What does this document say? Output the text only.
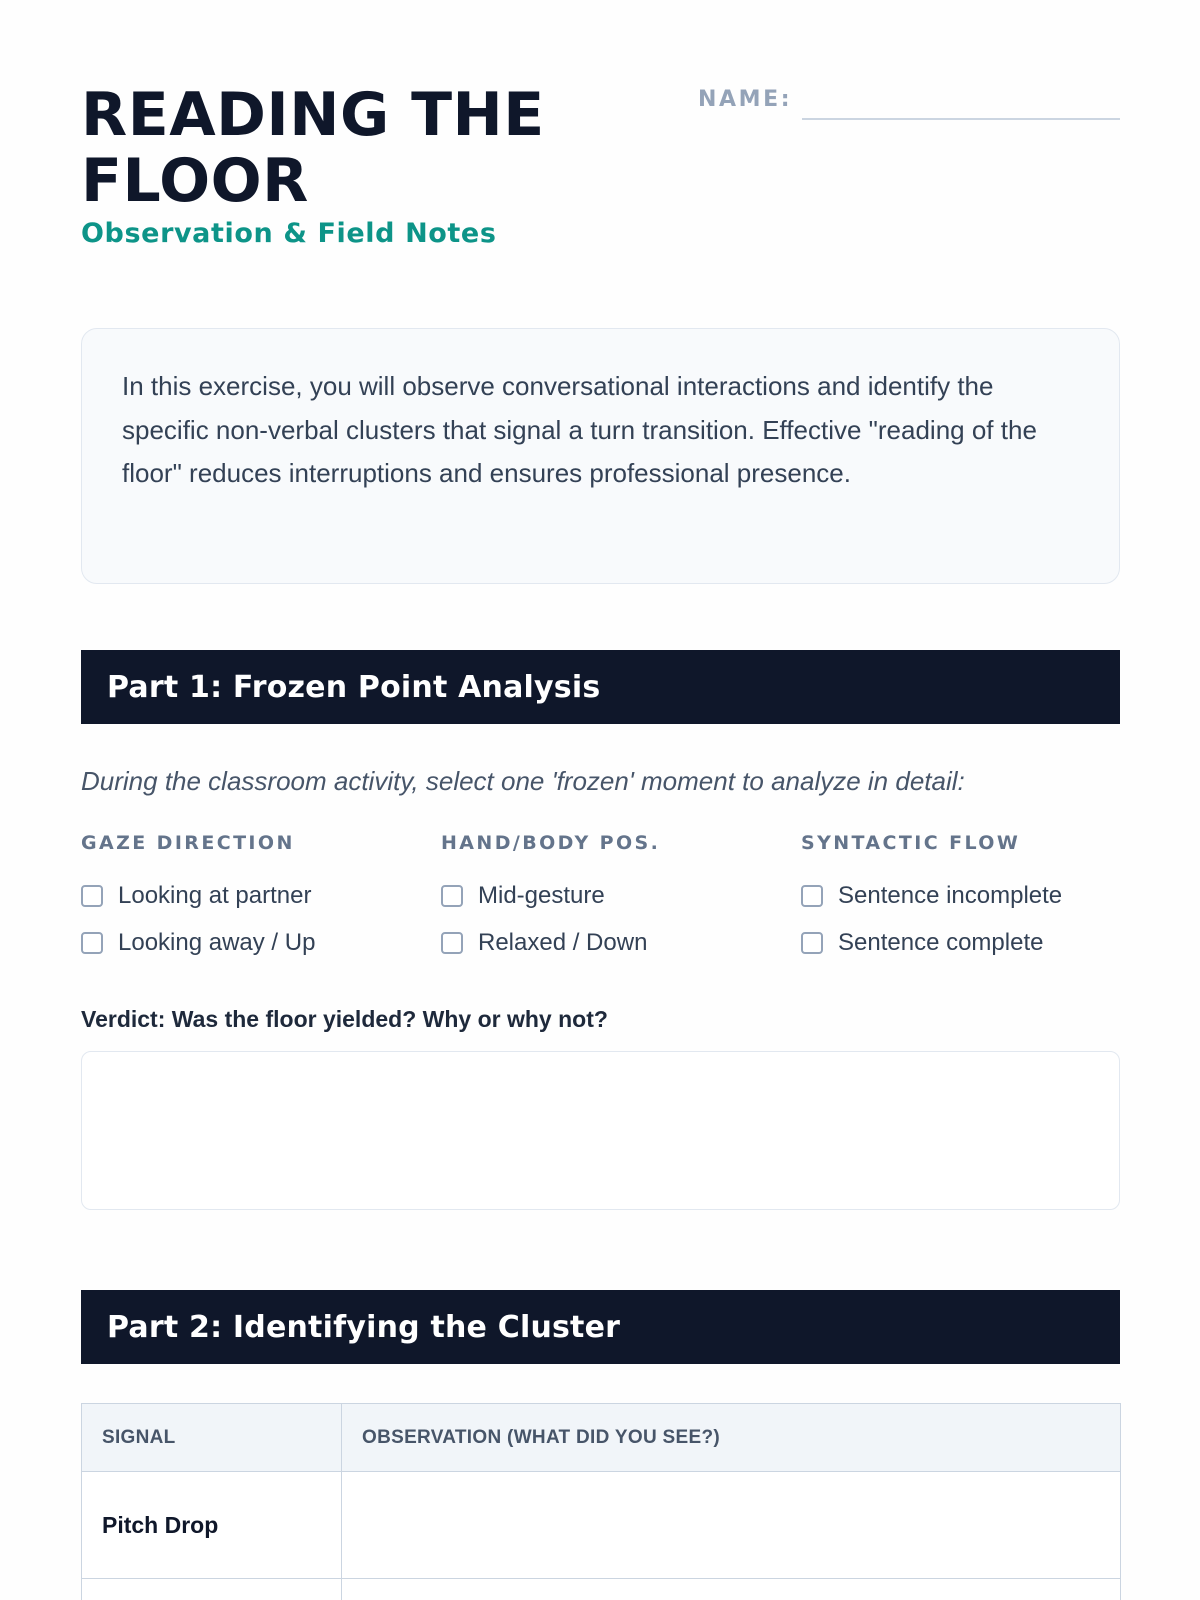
READING THE FLOOR

Observation & Field Notes

NAME:

In this exercise, you will observe conversational interactions and identify the specific non-verbal clusters that signal a turn transition. Effective "reading of the floor" reduces interruptions and ensures professional presence.

Part 1: Frozen Point Analysis

During the classroom activity, select one 'frozen' moment to analyze in detail:

GAZE DIRECTION
Looking at partner
Looking away / Up
HAND/BODY POS.
Mid-gesture
Relaxed / Down
SYNTACTIC FLOW
Sentence incomplete
Sentence complete

Verdict: Was the floor yielded? Why or why not?

Part 2: Identifying the Cluster
SIGNAL	OBSERVATION (WHAT DID YOU SEE?)
Pitch Drop	
